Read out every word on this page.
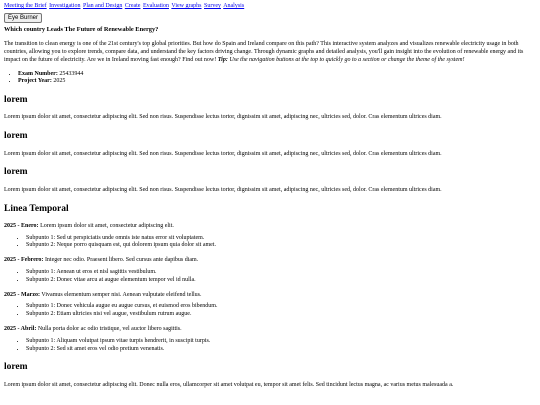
Meeting the Brief Investigation Plan and Design Create Evaluation View graphs Survey Analysis
Eye Burner
Which country Leads The Future of Renewable Energy?

The transition to clean energy is one of the 21st century's top global priorities. But how do Spain and Ireland compare on this path? This interactive system analyzes and visualizes renewable electricity usage in both countries, allowing you to explore trends, compare data, and understand the key factors driving change. Through dynamic graphs and detailed analysis, you'll gain insight into the evolution of renewable energy and its impact on the future of electricity. Are we in Ireland moving fast enough? Find out now! Tip: Use the navigation buttons at the top to quickly go to a section or change the theme of the system!

• Exam Number: 25433944
• Project Year: 2025
lorem

Lorem ipsum dolor sit amet, consectetur adipiscing elit. Sed non risus. Suspendisse lectus tortor, dignissim sit amet, adipiscing nec, ultricies sed, dolor. Cras elementum ultrices diam.

lorem

Lorem ipsum dolor sit amet, consectetur adipiscing elit. Sed non risus. Suspendisse lectus tortor, dignissim sit amet, adipiscing nec, ultricies sed, dolor. Cras elementum ultrices diam.

lorem

Lorem ipsum dolor sit amet, consectetur adipiscing elit. Sed non risus. Suspendisse lectus tortor, dignissim sit amet, adipiscing nec, ultricies sed, dolor. Cras elementum ultrices diam.

Linea Temporal

2025 - Enero: Lorem ipsum dolor sit amet, consectetur adipiscing elit.

• Subpunto 1: Sed ut perspiciatis unde omnis iste natus error sit voluptatem.
• Subpunto 2: Neque porro quisquam est, qui dolorem ipsum quia dolor sit amet.

2025 - Febrero: Integer nec odio. Praesent libero. Sed cursus ante dapibus diam.

• Subpunto 1: Aenean ut eros et nisl sagittis vestibulum.
• Subpunto 2: Donec vitae arcu at augue elementum tempor vel id nulla.

2025 - Marzo: Vivamus elementum semper nisi. Aenean vulputate eleifend tellus.

• Subpunto 1: Donec vehicula augue eu augue cursus, et euismod eros bibendum.
• Subpunto 2: Etiam ultricies nisi vel augue, vestibulum rutrum augue.

2025 - Abril: Nulla porta dolor ac odio tristique, vel auctor libero sagittis.

• Subpunto 1: Aliquam volutpat ipsum vitae turpis hendrerit, in suscipit turpis.
• Subpunto 2: Sed sit amet eros vel odio pretium venenatis.
lorem

Lorem ipsum dolor sit amet, consectetur adipiscing elit. Donec nulla eros, ullamcorper sit amet volutpat eu, tempor sit amet felis. Sed tincidunt lectus magna, ac varius metus malesuada a.
